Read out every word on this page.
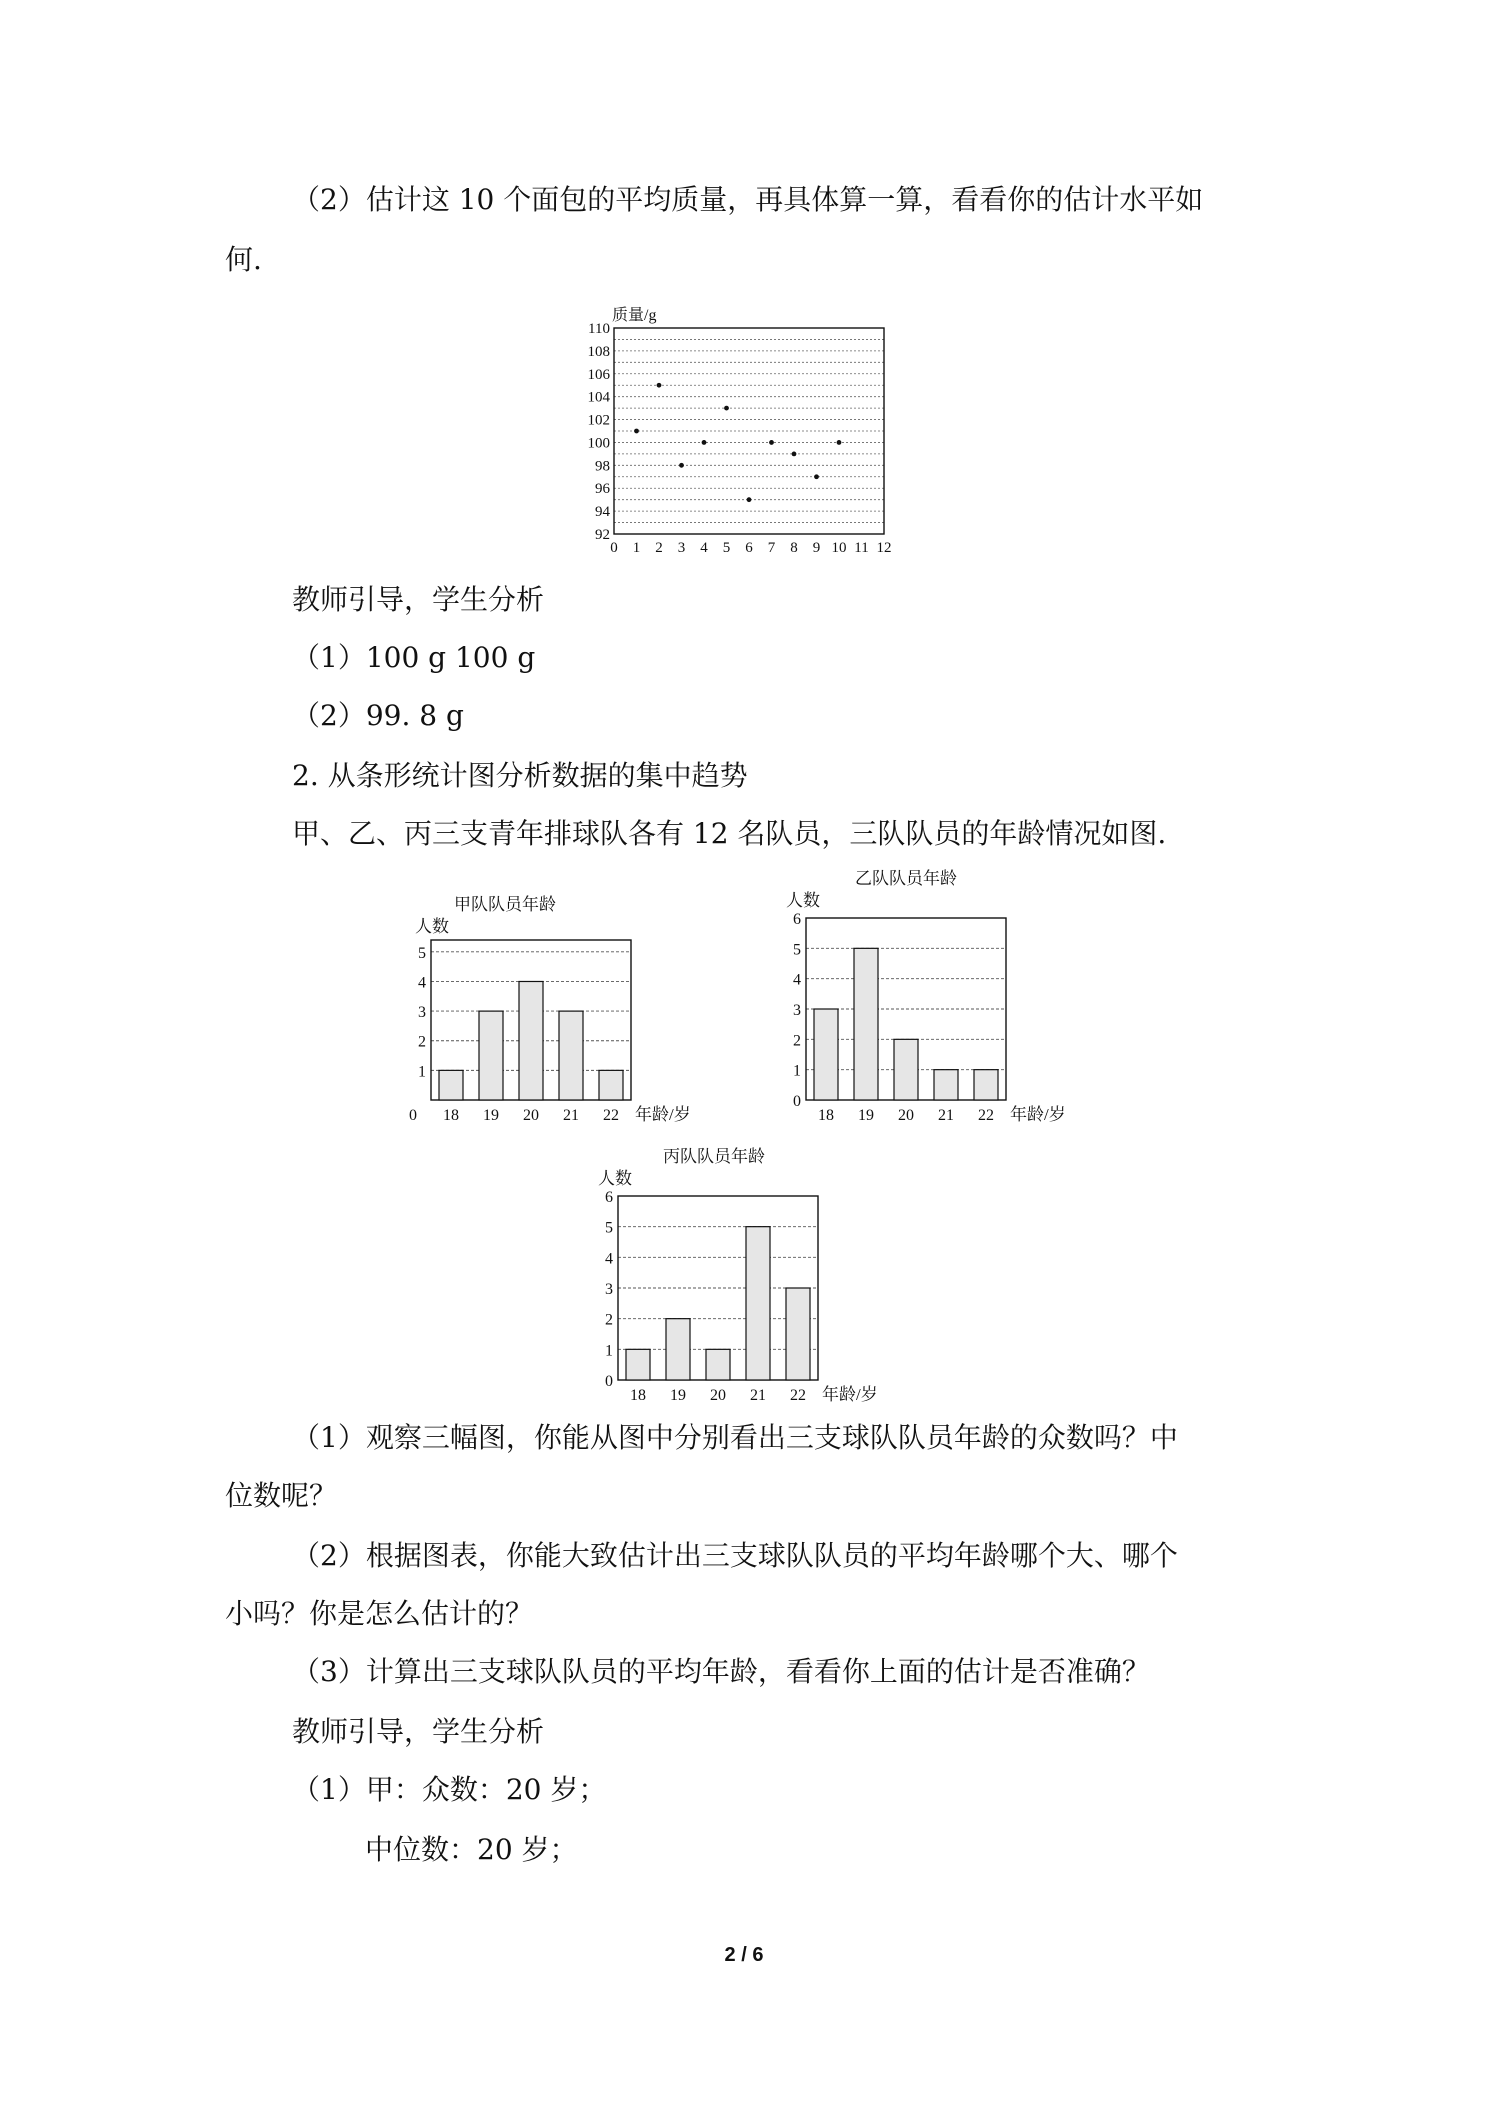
（2）估计这 10 个面包的平均质量，再具体算一算，看看你的估计水平如
何.
92
94
96
98
100
102
104
106
108
110
0 1 2 3 4 5 6 7 8 9 10 11 12
质量/g
教师引导，学生分析
（1）100 g 100 g
（2）99. 8 g
2. 从条形统计图分析数据的集中趋势
甲、乙、丙三支青年排球队各有 12 名队员，三队队员的年龄情况如图.
18 19 20 21 22
1
2
3
4
5
0	年龄/岁
人数
甲队队员年龄
18 19 20 21 22
0
1
2
3
4
5
6
年龄/岁
人数
乙队队员年龄
18 19 20 21 22
0
1
2
3
4
5
6
年龄/岁
人数
丙队队员年龄
（1）观察三幅图，你能从图中分别看出三支球队队员年龄的众数吗？中
位数呢？
（2）根据图表，你能大致估计出三支球队队员的平均年龄哪个大、哪个
小吗？你是怎么估计的？
（3）计算出三支球队队员的平均年龄，看看你上面的估计是否准确？
教师引导，学生分析
（1）甲：众数：20 岁；
中位数：20 岁；
2 / 6
